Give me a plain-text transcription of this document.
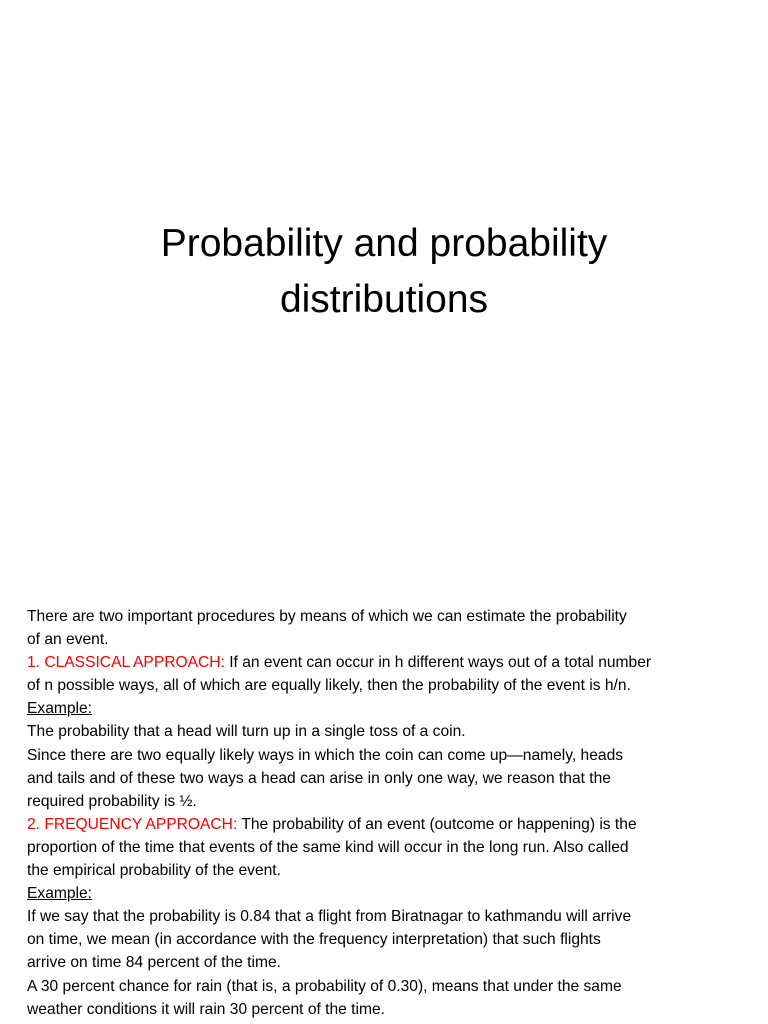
Probability and probability
distributions

There are two important procedures by means of which we can estimate the probability

of an event.

1. CLASSICAL APPROACH: If an event can occur in h different ways out of a total number

of n possible ways, all of which are equally likely, then the probability of the event is h/n.

Example:

The probability that a head will turn up in a single toss of a coin.

Since there are two equally likely ways in which the coin can come up—namely, heads

and tails and of these two ways a head can arise in only one way, we reason that the

required probability is ½.

2. FREQUENCY APPROACH: The probability of an event (outcome or happening) is the

proportion of the time that events of the same kind will occur in the long run. Also called

the empirical probability of the event.

Example:

If we say that the probability is 0.84 that a flight from Biratnagar to kathmandu will arrive

on time, we mean (in accordance with the frequency interpretation) that such flights

arrive on time 84 percent of the time.

A 30 percent chance for rain (that is, a probability of 0.30), means that under the same

weather conditions it will rain 30 percent of the time.
